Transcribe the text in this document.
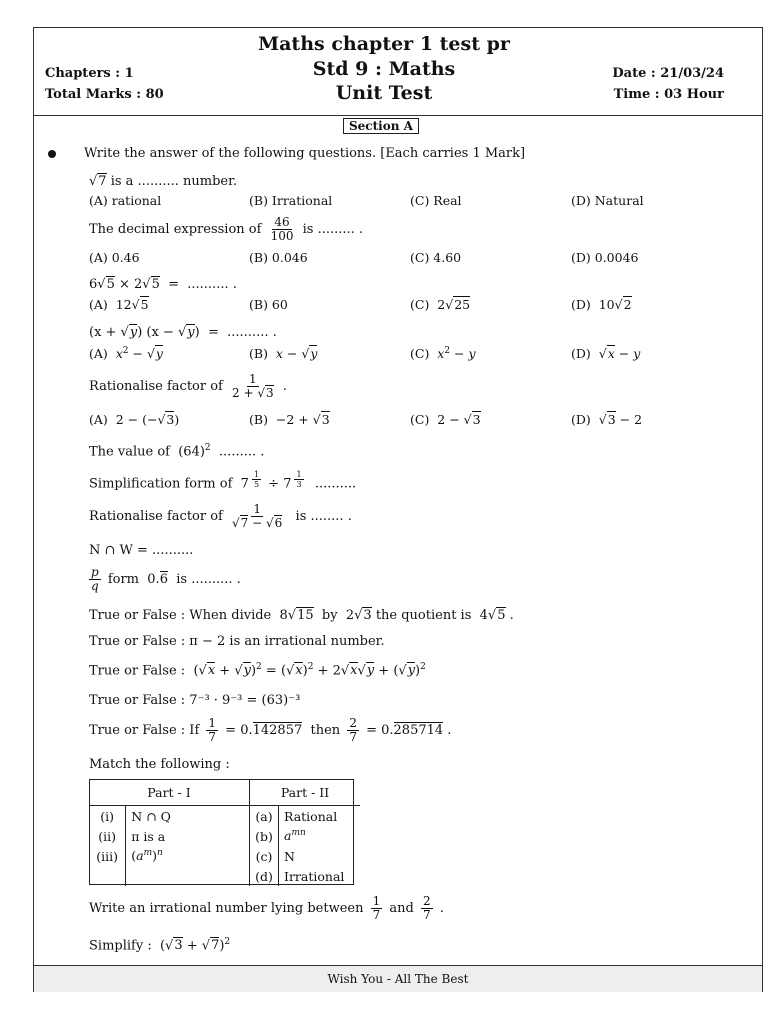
Wish You - All The Best
Maths chapter 1 test pr
Std 9 : Maths
Unit Test
Chapters : 1
Total Marks : 80
Date : 21/03/24
Time : 03 Hour
Section A
Write the answer of the following questions. [Each carries 1 Mark]
√7 is a .......... number.
(A) rational	(B) Irrational	(C) Real	(D) Natural
The decimal expression of $\frac{46}{100}$ is ......... .
(A) 0.46	(B) 0.046	(C) 4.60	(D) 0.0046
6√5 × 2√5  =  .......... .
(A)  12√5	(B) 60	(C)  2√25	(D)  10√2
(x + √y) (x − √y)  =  .......... .
(A) $x^2 - √y$	(B) x − √y	(C) $x^2 - y$	(D)  √x − y
Rationalise factor of $\frac{1}{2 + √3}$ .
(A)  2 − (−√3)	(B)  −2 + √3	(C)  2 − √3	(D)  √3 − 2
The value of $(64)^2$ ......... .
Simplification form of  7 $^{\frac{1}{5}}$ ÷ 7 $^{\frac{1}{3}}$ ..........
Rationalise factor of $\frac{1}{√7 - √6}$ is ........ .
N ∩ W = ..........
$\frac{p}{q}$ form  0.6 is .......... .
True or False : When divide  8√15 by  2√3 the quotient is  4√5 .
True or False : π − 2 is an irrational number.
True or False :  $(√x + √y)^2 = (√x)^2 + 2√x√y + (√y)^2$
True or False : 7⁻³ · 9⁻³ = (63)⁻³
True or False : If $\frac{1}{7} = 0.142857$ then $\frac{2}{7} = 0.285714$ .
Match the following :
Part - I		Part - II	
(i)	N ∩ Q	(a)	Rational
(ii)	π is a	(b)	$a^{mn}$
(iii)	$(a^m)^n$	(c)	N
		(d)	Irrational
Write an irrational number lying between $\frac{1}{7}$ and $\frac{2}{7}$ .
Simplify :  $(√3 + √7)^2$
